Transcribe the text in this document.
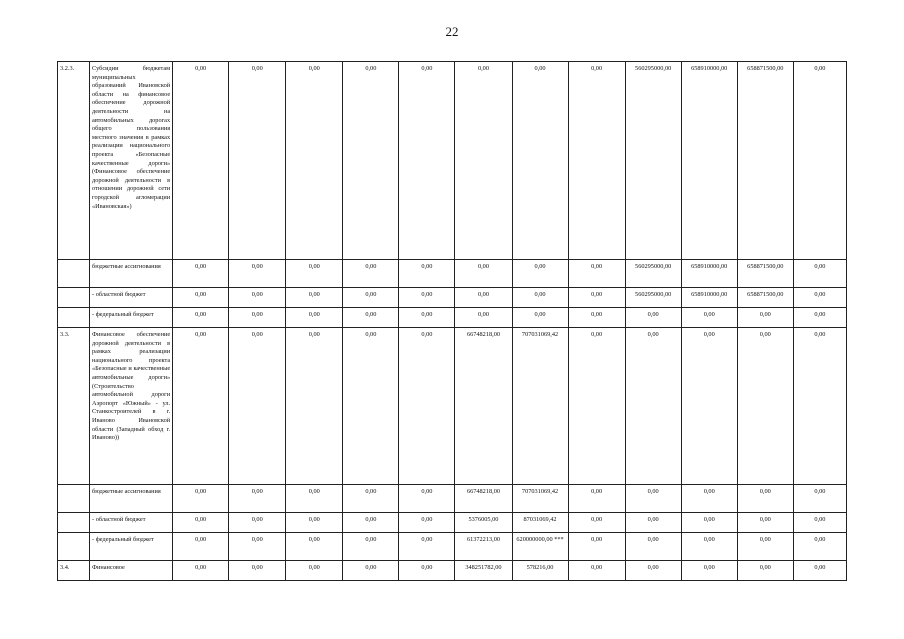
22
3.2.3.	Субсидии бюджетам муниципальных образований Ивановской области на финансовое обеспечение дорожной деятельности на автомобильных дорогах общего пользования местного значения в рамках реализации национального проекта «Безопасные качественные дороги» (Финансовое обеспечение дорожной деятельности в отношении дорожной сети городской агломерации «Ивановская»)	0,00	0,00	0,00	0,00	0,00	0,00	0,00	0,00	560295000,00	658910000,00	658871500,00	0,00
	бюджетные ассигнования	0,00	0,00	0,00	0,00	0,00	0,00	0,00	0,00	560295000,00	658910000,00	658871500,00	0,00
	- областной бюджет	0,00	0,00	0,00	0,00	0,00	0,00	0,00	0,00	560295000,00	658910000,00	658871500,00	0,00
	- федеральный бюджет	0,00	0,00	0,00	0,00	0,00	0,00	0,00	0,00	0,00	0,00	0,00	0,00
3.3.	Финансовое обеспечение дорожной деятельности в рамках реализации национального проекта «Безопасные и качественные автомобильные дороги» (Строительство автомобильной дороги Аэропорт «Южный» - ул. Станкостроителей в г. Иваново Ивановской области (Западный обход г. Иваново))	0,00	0,00	0,00	0,00	0,00	66748218,00	707031069,42	0,00	0,00	0,00	0,00	0,00
	бюджетные ассигнования	0,00	0,00	0,00	0,00	0,00	66748218,00	707031069,42	0,00	0,00	0,00	0,00	0,00
	- областной бюджет	0,00	0,00	0,00	0,00	0,00	5376005,00	87031069,42	0,00	0,00	0,00	0,00	0,00
	- федеральный бюджет	0,00	0,00	0,00	0,00	0,00	61372213,00	620000000,00 ***	0,00	0,00	0,00	0,00	0,00
3.4.	Финансовое	0,00	0,00	0,00	0,00	0,00	348251782,00	578216,00	0,00	0,00	0,00	0,00	0,00
